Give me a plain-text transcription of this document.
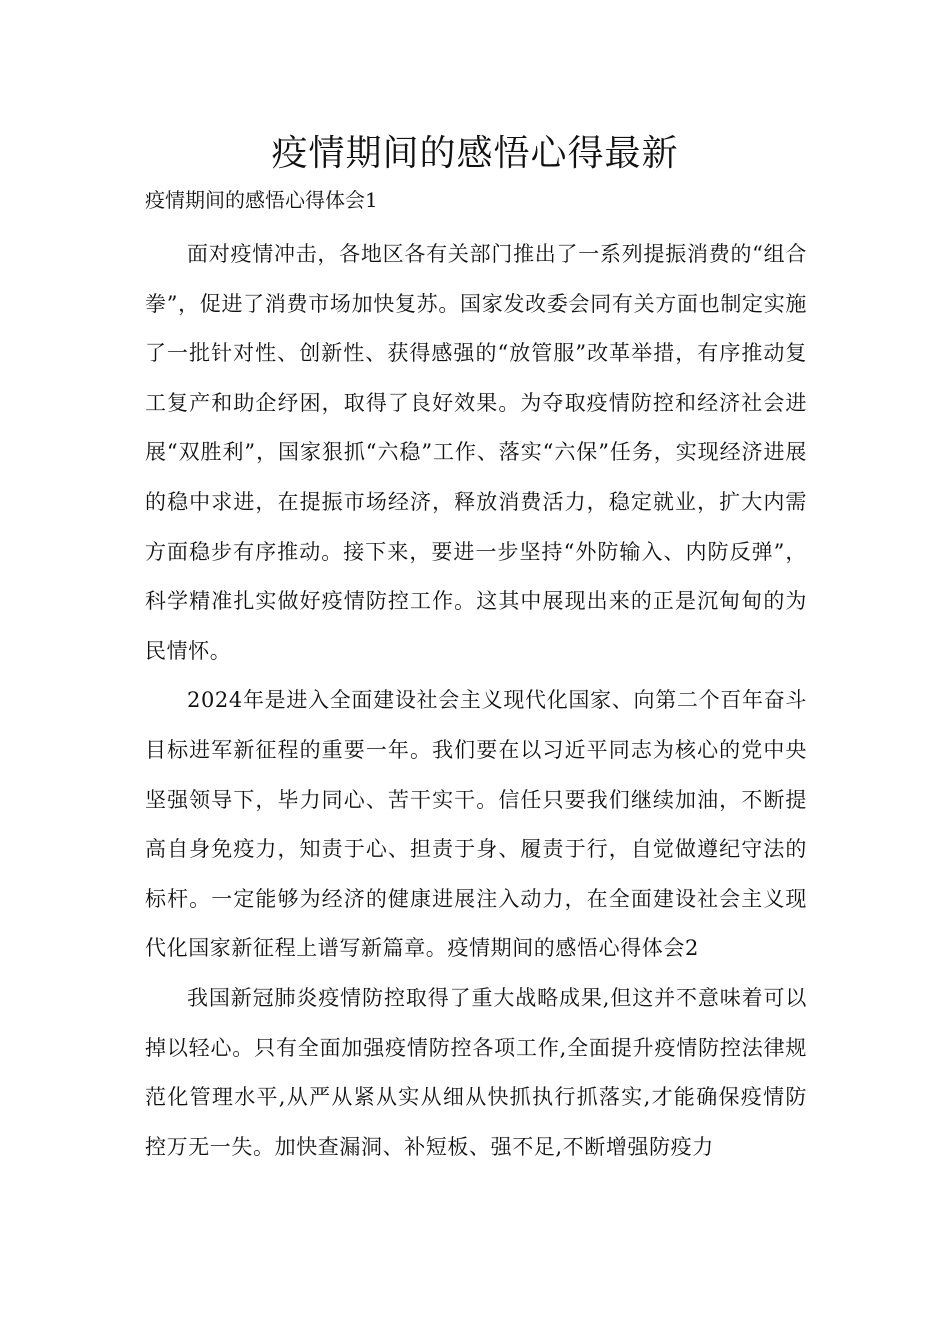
疫情期间的感悟心得最新

疫情期间的感悟心得体会1

面对疫情冲击，各地区各有关部门推出了一系列提振消费的“组合拳”，促进了消费市场加快复苏。国家发改委会同有关方面也制定实施了一批针对性、创新性、获得感强的“放管服”改革举措，有序推动复工复产和助企纾困，取得了良好效果。为夺取疫情防控和经济社会进展“双胜利”，国家狠抓“六稳”工作、落实“六保”任务，实现经济进展的稳中求进，在提振市场经济，释放消费活力，稳定就业，扩大内需方面稳步有序推动。接下来，要进一步坚持“外防输入、内防反弹”，科学精准扎实做好疫情防控工作。这其中展现出来的正是沉甸甸的为民情怀。

2024年是进入全面建设社会主义现代化国家、向第二个百年奋斗目标进军新征程的重要一年。我们要在以习近平同志为核心的党中央坚强领导下，毕力同心、苦干实干。信任只要我们继续加油，不断提高自身免疫力，知责于心、担责于身、履责于行，自觉做遵纪守法的标杆。一定能够为经济的健康进展注入动力，在全面建设社会主义现代化国家新征程上谱写新篇章。疫情期间的感悟心得体会2

我国新冠肺炎疫情防控取得了重大战略成果,但这并不意味着可以掉以轻心。只有全面加强疫情防控各项工作,全面提升疫情防控法律规范化管理水平,从严从紧从实从细从快抓执行抓落实,才能确保疫情防控万无一失。加快查漏洞、补短板、强不足,不断增强防疫力
